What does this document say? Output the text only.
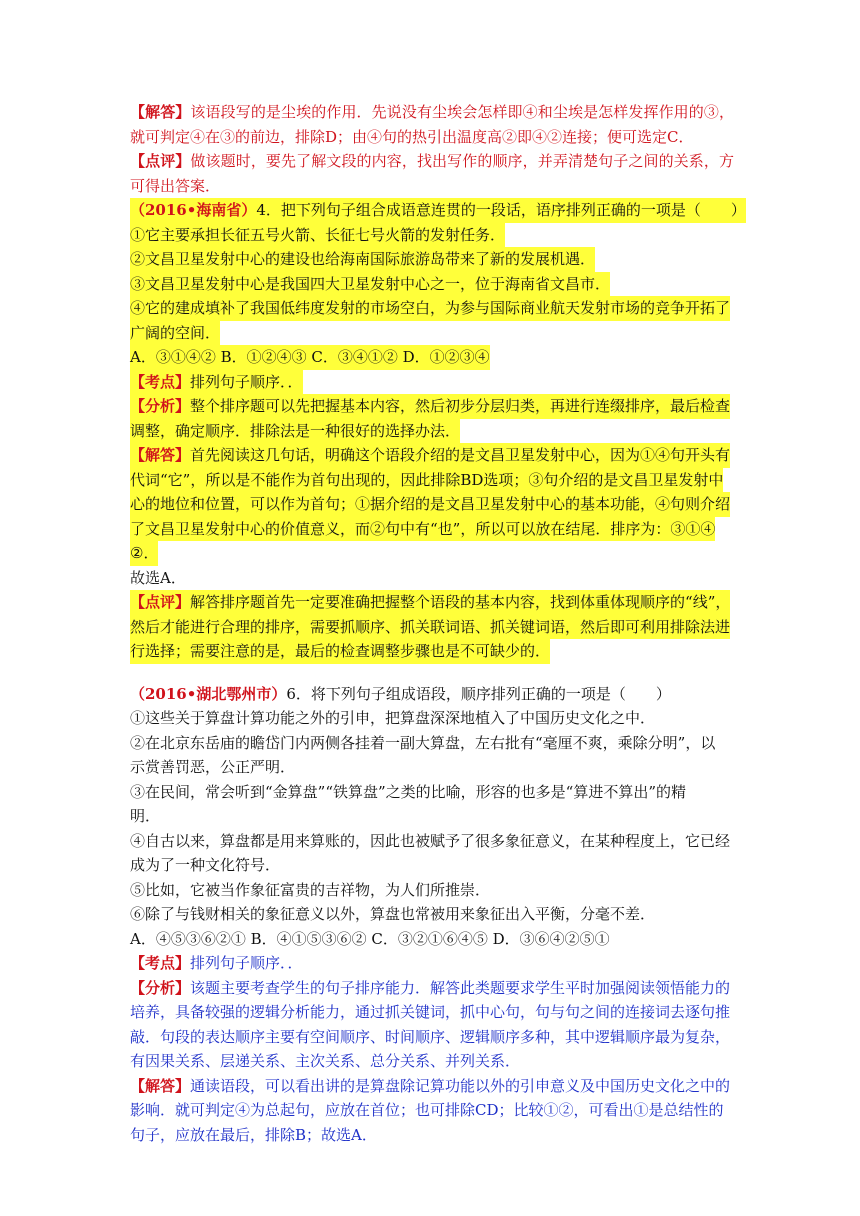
【解答】该语段写的是尘埃的作用．先说没有尘埃会怎样即④和尘埃是怎样发挥作用的③，

就可判定④在③的前边，排除D；由④句的热引出温度高②即④②连接；便可选定C．

【点评】做该题时，要先了解文段的内容，找出写作的顺序，并弄清楚句子之间的关系，方

可得出答案．

（2016•海南省）4．把下列句子组合成语意连贯的一段话，语序排列正确的一项是（　　）

①它主要承担长征五号火箭、长征七号火箭的发射任务．

②文昌卫星发射中心的建设也给海南国际旅游岛带来了新的发展机遇．

③文昌卫星发射中心是我国四大卫星发射中心之一，位于海南省文昌市．

④它的建成填补了我国低纬度发射的市场空白，为参与国际商业航天发射市场的竞争开拓了

广阔的空间．

A．③①④② B．①②④③ C．③④①② D．①②③④

【考点】排列句子顺序．．

【分析】整个排序题可以先把握基本内容，然后初步分层归类，再进行连缀排序，最后检查

调整，确定顺序．排除法是一种很好的选择办法．

【解答】首先阅读这几句话，明确这个语段介绍的是文昌卫星发射中心，因为①④句开头有

代词“它”，所以是不能作为首句出现的，因此排除BD选项；③句介绍的是文昌卫星发射中

心的地位和位置，可以作为首句；①据介绍的是文昌卫星发射中心的基本功能，④句则介绍

了文昌卫星发射中心的价值意义，而②句中有“也”，所以可以放在结尾．排序为：③①④

②．

故选A．

【点评】解答排序题首先一定要准确把握整个语段的基本内容，找到体重体现顺序的“线”，

然后才能进行合理的排序，需要抓顺序、抓关联词语、抓关键词语，然后即可利用排除法进

行选择；需要注意的是，最后的检查调整步骤也是不可缺少的．

（2016•湖北鄂州市）6．将下列句子组成语段，顺序排列正确的一项是（　　）

①这些关于算盘计算功能之外的引申，把算盘深深地植入了中国历史文化之中．

②在北京东岳庙的瞻岱门内两侧各挂着一副大算盘，左右批有“毫厘不爽，乘除分明”，以

示赏善罚恶，公正严明．

③在民间，常会听到“金算盘”“铁算盘”之类的比喻，形容的也多是“算进不算出”的精

明．

④自古以来，算盘都是用来算账的，因此也被赋予了很多象征意义，在某种程度上，它已经

成为了一种文化符号．

⑤比如，它被当作象征富贵的吉祥物，为人们所推崇．

⑥除了与钱财相关的象征意义以外，算盘也常被用来象征出入平衡，分毫不差．

A．④⑤③⑥②① B．④①⑤③⑥② C．③②①⑥④⑤ D．③⑥④②⑤①

【考点】排列句子顺序．．

【分析】该题主要考查学生的句子排序能力．解答此类题要求学生平时加强阅读领悟能力的

培养，具备较强的逻辑分析能力，通过抓关键词，抓中心句，句与句之间的连接词去逐句推

敲．句段的表达顺序主要有空间顺序、时间顺序、逻辑顺序多种，其中逻辑顺序最为复杂，

有因果关系、层递关系、主次关系、总分关系、并列关系．

【解答】通读语段，可以看出讲的是算盘除记算功能以外的引申意义及中国历史文化之中的

影响．就可判定④为总起句，应放在首位；也可排除CD；比较①②，可看出①是总结性的

句子，应放在最后，排除B；故选A．
